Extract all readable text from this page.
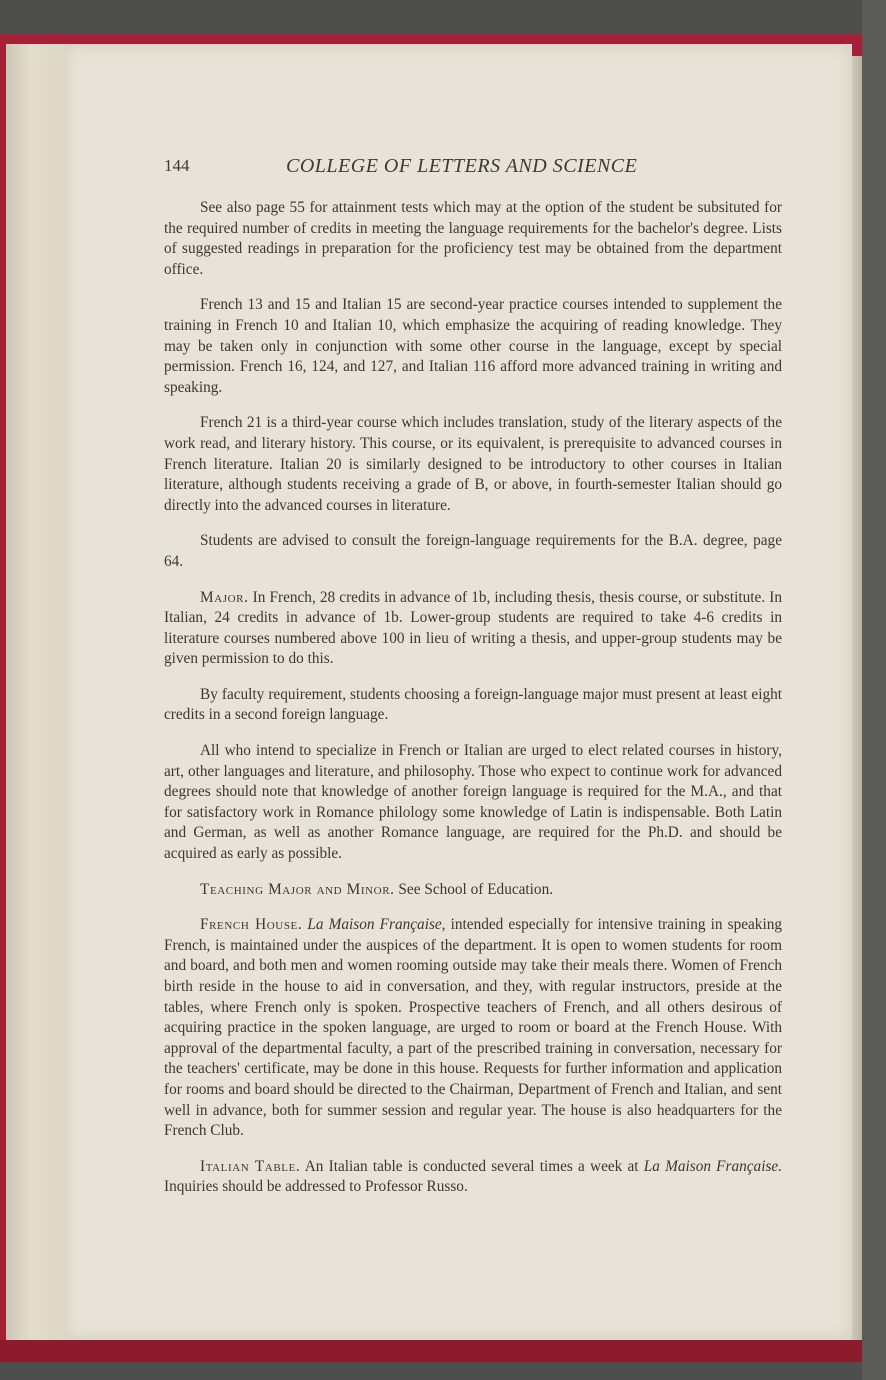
144	COLLEGE OF LETTERS AND SCIENCE

See also page 55 for attainment tests which may at the option of the student be subsituted for the required number of credits in meeting the language requirements for the bachelor's degree. Lists of suggested readings in preparation for the proficiency test may be obtained from the department office.

French 13 and 15 and Italian 15 are second-year practice courses intended to supplement the training in French 10 and Italian 10, which emphasize the acquiring of reading knowledge. They may be taken only in conjunction with some other course in the language, except by special permission. French 16, 124, and 127, and Italian 116 afford more advanced training in writing and speaking.

French 21 is a third-year course which includes translation, study of the literary aspects of the work read, and literary history. This course, or its equivalent, is prerequisite to advanced courses in French literature. Italian 20 is similarly designed to be introductory to other courses in Italian literature, although students receiving a grade of B, or above, in fourth-semester Italian should go directly into the advanced courses in literature.

Students are advised to consult the foreign-language requirements for the B.A. degree, page 64.

Major. In French, 28 credits in advance of 1b, including thesis, thesis course, or substitute. In Italian, 24 credits in advance of 1b. Lower-group students are required to take 4-6 credits in literature courses numbered above 100 in lieu of writing a thesis, and upper-group students may be given permission to do this.

By faculty requirement, students choosing a foreign-language major must present at least eight credits in a second foreign language.

All who intend to specialize in French or Italian are urged to elect related courses in history, art, other languages and literature, and philosophy. Those who expect to continue work for advanced degrees should note that knowledge of another foreign language is required for the M.A., and that for satisfactory work in Romance philology some knowledge of Latin is indispensable. Both Latin and German, as well as another Romance language, are required for the Ph.D. and should be acquired as early as possible.

Teaching Major and Minor. See School of Education.

French House. La Maison Française, intended especially for intensive training in speaking French, is maintained under the auspices of the department. It is open to women students for room and board, and both men and women rooming outside may take their meals there. Women of French birth reside in the house to aid in conversation, and they, with regular instructors, preside at the tables, where French only is spoken. Prospective teachers of French, and all others desirous of acquiring practice in the spoken language, are urged to room or board at the French House. With approval of the departmental faculty, a part of the prescribed training in conversation, necessary for the teachers' certificate, may be done in this house. Requests for further information and application for rooms and board should be directed to the Chairman, Department of French and Italian, and sent well in advance, both for summer session and regular year. The house is also headquarters for the French Club.

Italian Table. An Italian table is conducted several times a week at La Maison Française. Inquiries should be addressed to Professor Russo.
